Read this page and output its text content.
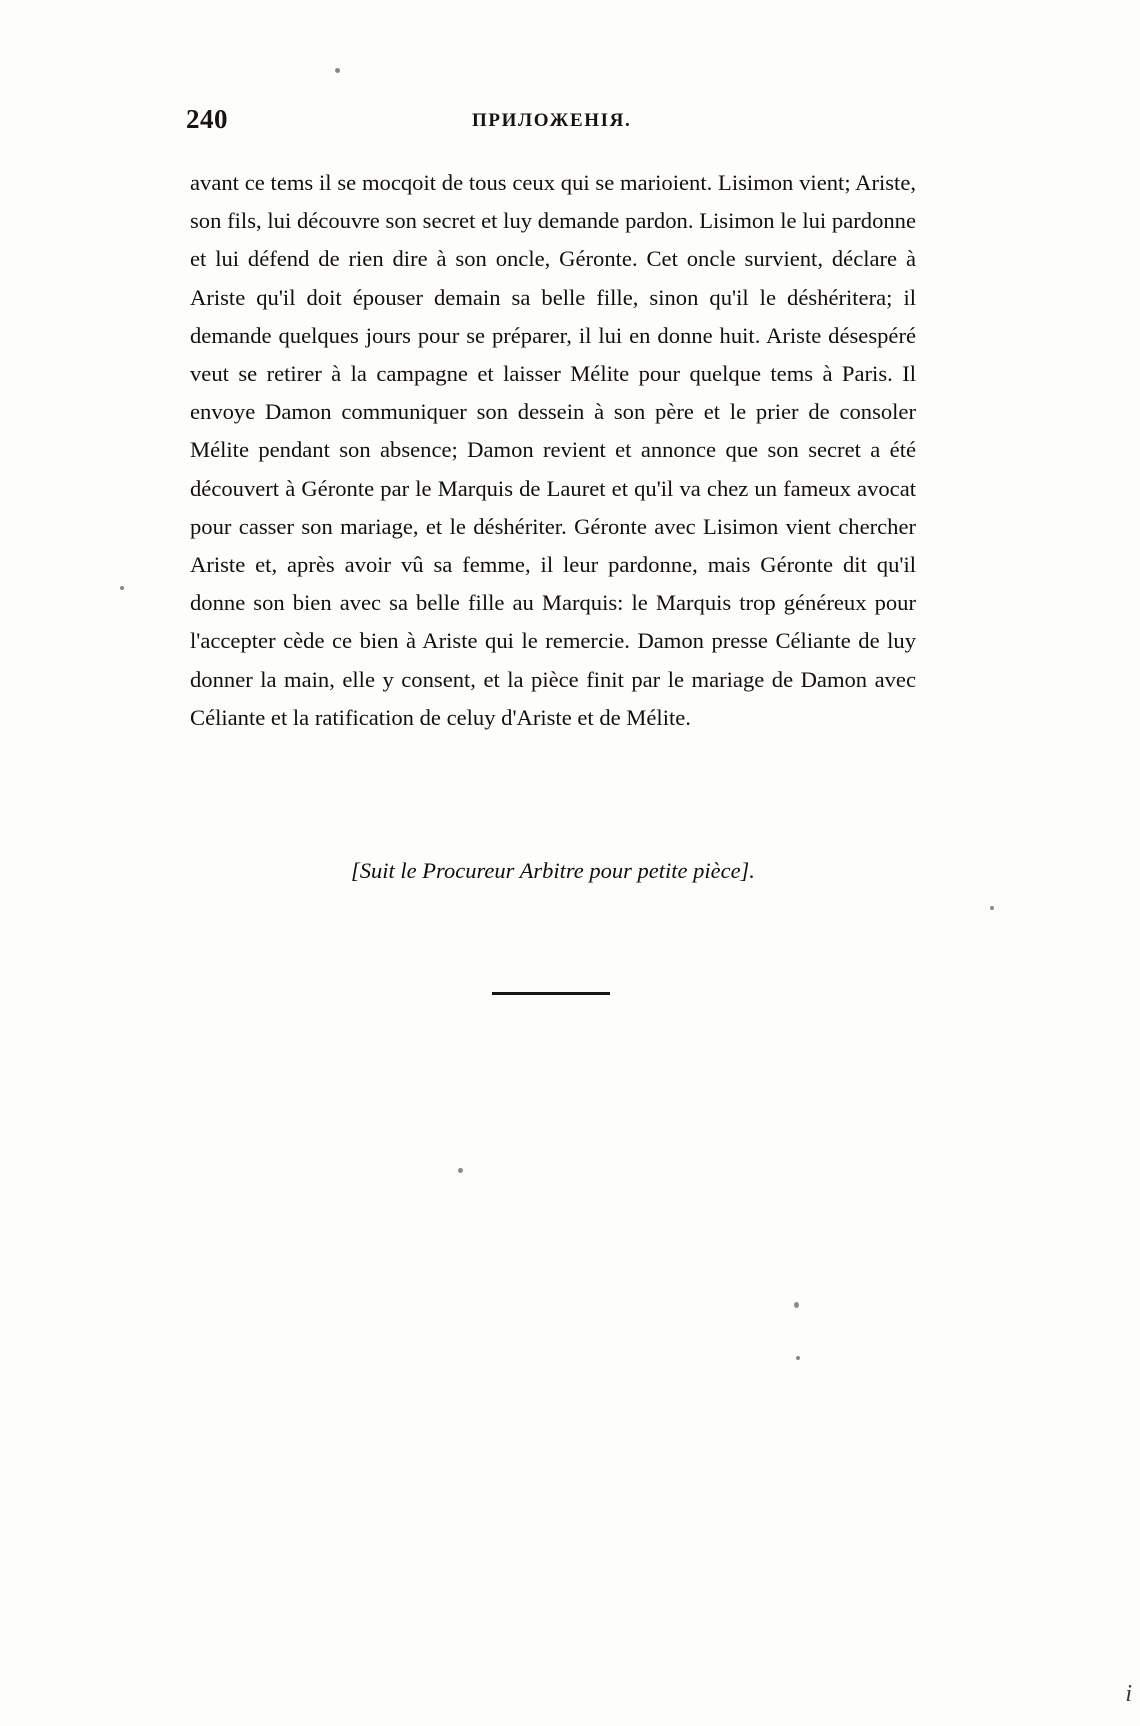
240	ПРИЛОЖЕНІЯ.

avant ce tems il se mocqoit de tous ceux qui se marioient. Lisimon vient; Ariste, son fils, lui découvre son secret et luy demande pardon. Lisimon le lui pardonne et lui défend de rien dire à son oncle, Géronte. Cet oncle survient, déclare à Ariste qu'il doit épouser demain sa belle fille, sinon qu'il le déshéritera; il demande quelques jours pour se préparer, il lui en donne huit. Ariste désespéré veut se retirer à la campagne et laisser Mélite pour quelque tems à Paris. Il envoye Damon communiquer son dessein à son père et le prier de consoler Mélite pendant son absence; Damon revient et annonce que son secret a été découvert à Géronte par le Marquis de Lauret et qu'il va chez un fameux avocat pour casser son mariage, et le déshériter. Géronte avec Lisimon vient chercher Ariste et, après avoir vû sa femme, il leur pardonne, mais Géronte dit qu'il donne son bien avec sa belle fille au Marquis: le Marquis trop généreux pour l'accepter cède ce bien à Ariste qui le remercie. Damon presse Céliante de luy donner la main, elle y consent, et la pièce finit par le mariage de Damon avec Céliante et la ratification de celuy d'Ariste et de Mélite.

[Suit le Procureur Arbitre pour petite pièce].
i
